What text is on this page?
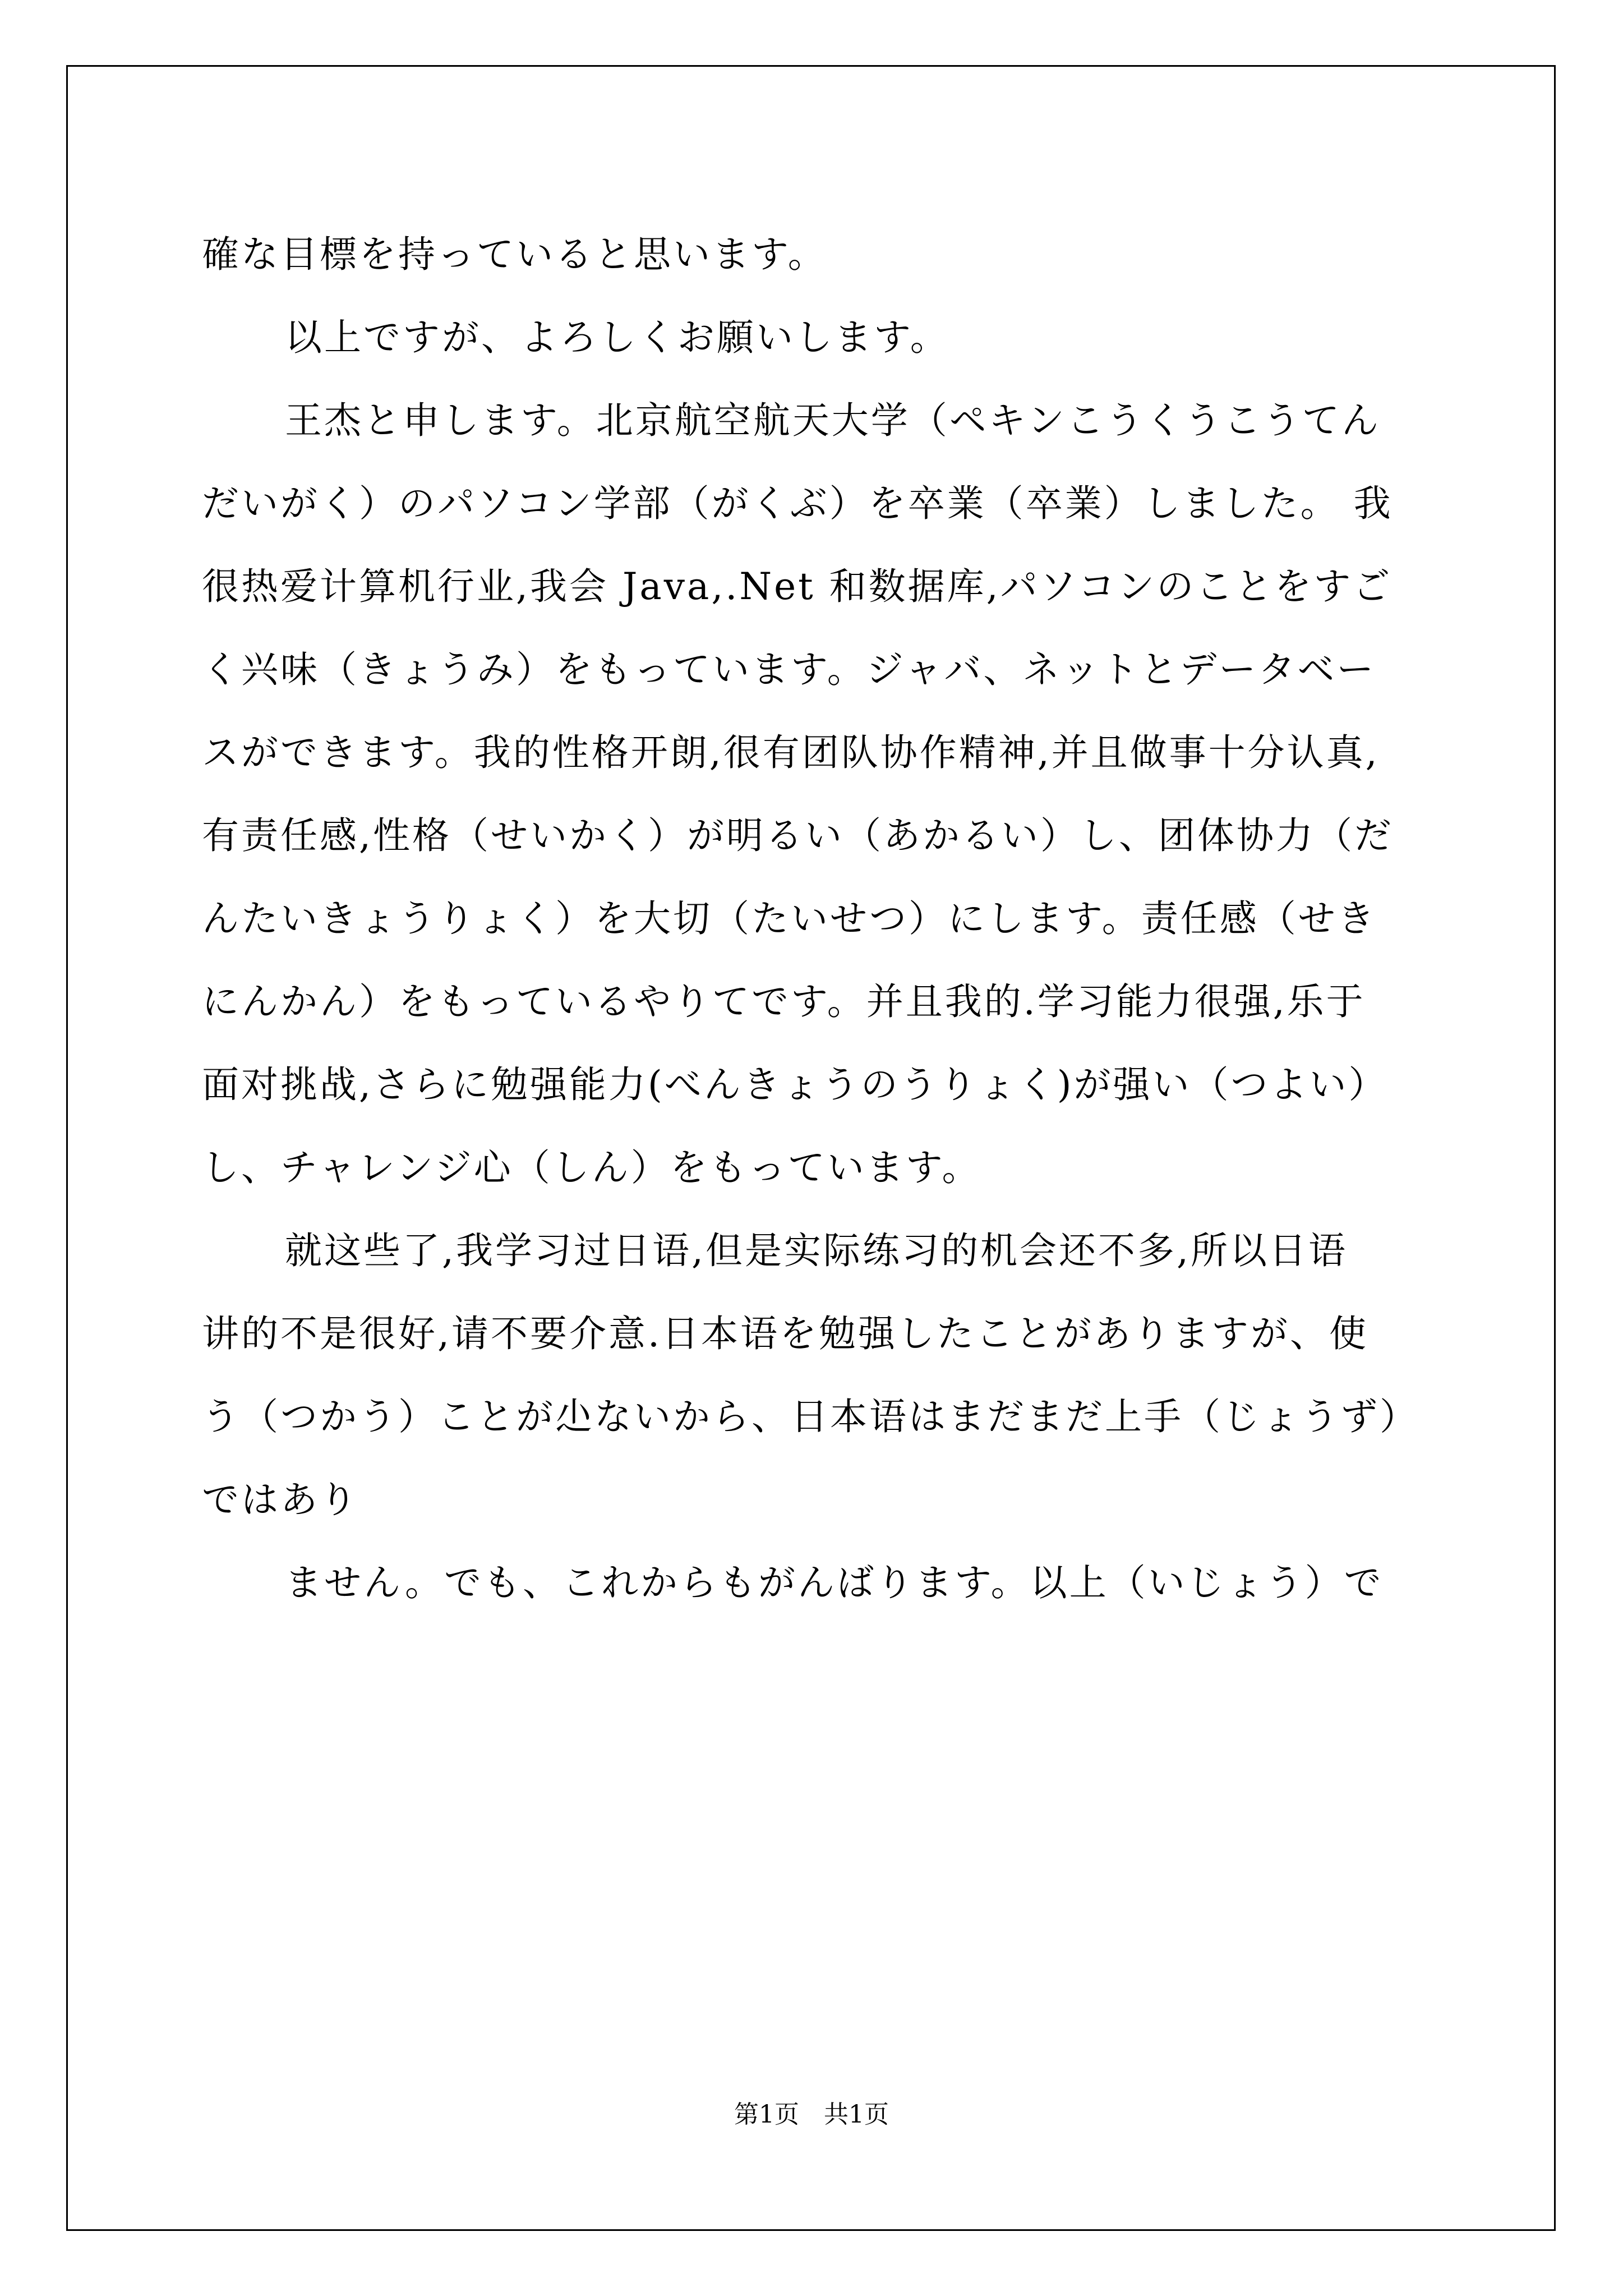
確な目標を持っていると思います。
以上ですが、よろしくお願いします。
王杰と申します。北京航空航天大学（ペキンこうくうこうてん
だいがく）のパソコン学部（がくぶ）を卒業（卒業）しました。 我
很热爱计算机行业,我会 Java,.Net 和数据库,パソコンのことをすご
く兴味（きょうみ）をもっています。ジャバ、ネットとデータベー
スができます。我的性格开朗,很有团队协作精神,并且做事十分认真,
有责任感,性格（せいかく）が明るい（あかるい）し、团体协力（だ
んたいきょうりょく）を大切（たいせつ）にします。责任感（せき
にんかん）をもっているやりてです。并且我的.学习能力很强,乐于
面对挑战,さらに勉强能力(べんきょうのうりょく)が强い（つよい）
し、チャレンジ心（しん）をもっています。
就这些了,我学习过日语,但是实际练习的机会还不多,所以日语
讲的不是很好,请不要介意.日本语を勉强したことがありますが、使
う（つかう）ことが尐ないから、日本语はまだまだ上手（じょうず）
ではあり
ません。でも、これからもがんばります。以上（いじょう）で
第1页　共1页
